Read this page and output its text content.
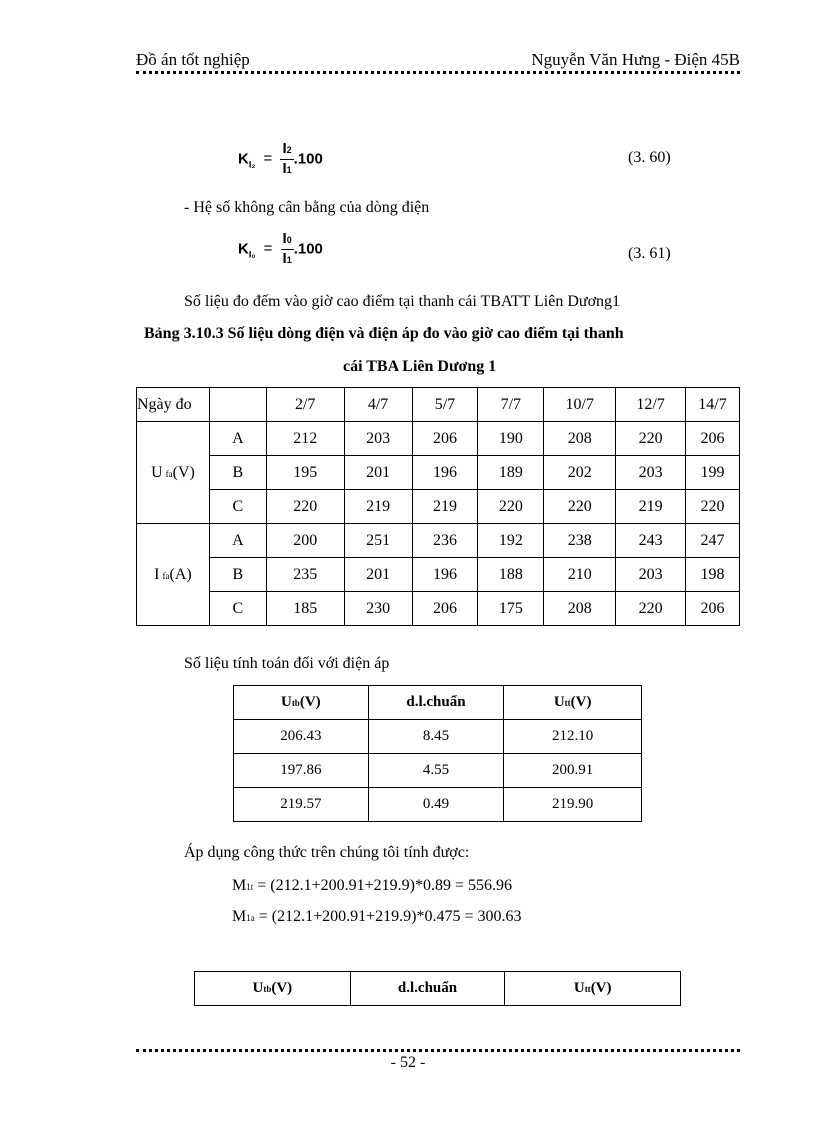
Đồ án tốt nghiệp	Nguyễn Văn Hưng - Điện 45B
$K_{I_2} = \frac{I2}{I1} .100$	(3. 60)
- Hệ số không cân bằng của dòng điện
$K_{I_0} = \frac{I0}{I1} .100$	(3. 61)
Số liệu đo đếm vào giờ cao điểm tại thanh cái TBATT Liên Dương1
Bảng 3.10.3 Số liệu dòng điện và điện áp đo vào giờ cao điểm tại thanh
cái TBA Liên Dương 1
Ngày đo		2/7	4/7	5/7	7/7	10/7	12/7	14/7
U fa(V)	A	212	203	206	190	208	220	206
	B	195	201	196	189	202	203	199
	C	220	219	219	220	220	219	220
I fa(A)	A	200	251	236	192	238	243	247
	B	235	201	196	188	210	203	198
	C	185	230	206	175	208	220	206
Số liệu tính toán đối với điện áp
Utb(V)	d.l.chuẩn	Utt(V)
206.43	8.45	212.10
197.86	4.55	200.91
219.57	0.49	219.90
Áp dụng công thức trên chúng tôi tính được:
M1t = (212.1+200.91+219.9)*0.89 = 556.96
M1a = (212.1+200.91+219.9)*0.475 = 300.63
Utb(V)	d.l.chuẩn	Utt(V)
- 52 -
